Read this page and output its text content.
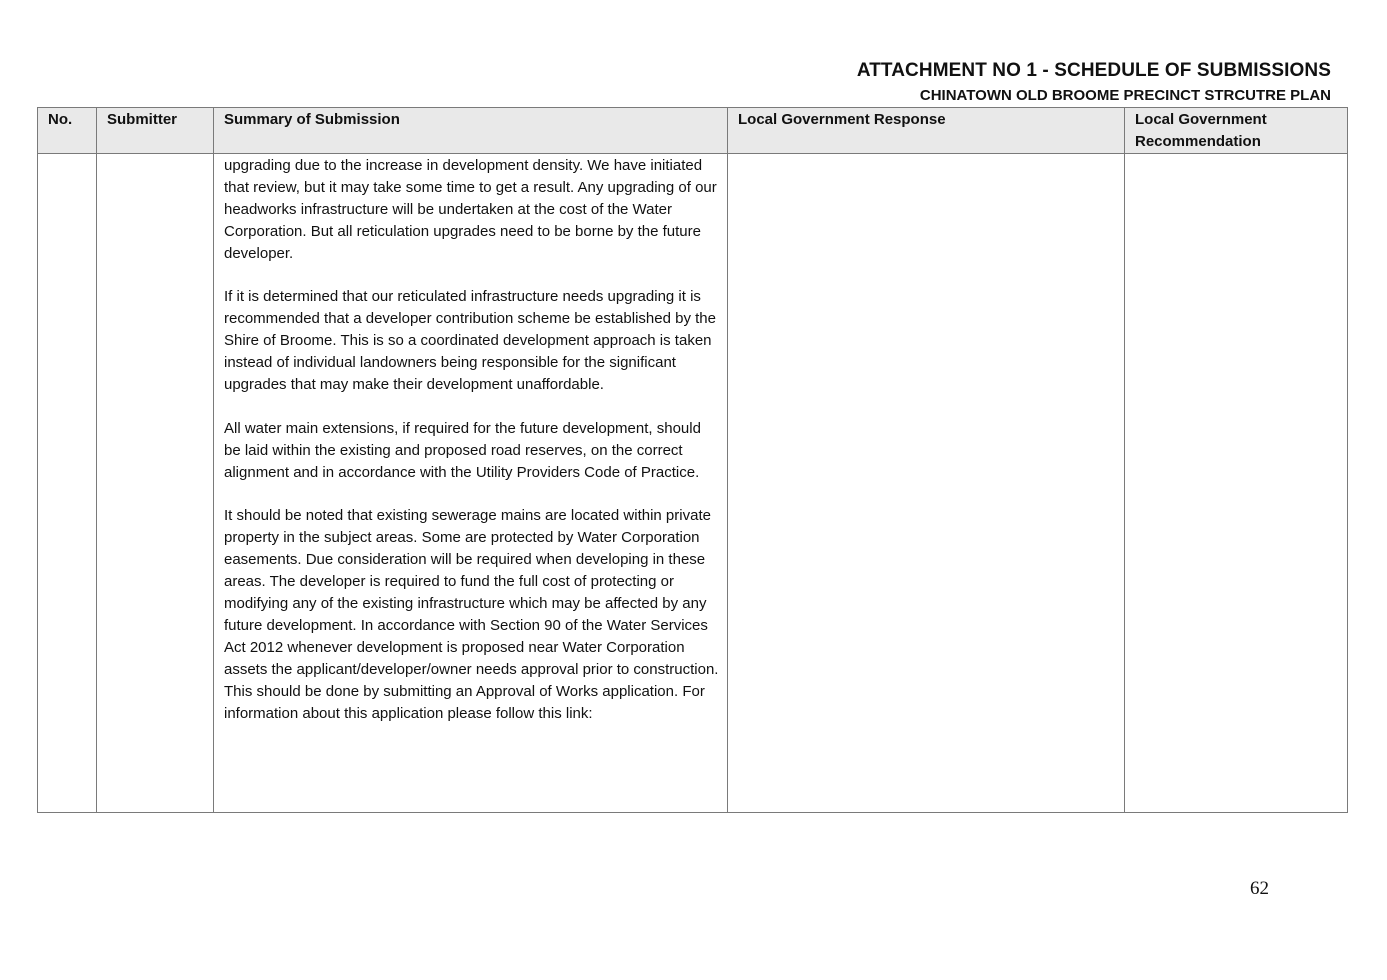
ATTACHMENT NO 1 - SCHEDULE OF SUBMISSIONS
CHINATOWN OLD BROOME PRECINCT STRCUTRE PLAN
No.	Submitter	Summary of Submission	Local Government Response	Local Government Recommendation

		upgrading due to the increase in development density. We have initiated that review, but it may take some time to get a result. Any upgrading of our headworks infrastructure will be undertaken at the cost of the Water Corporation. But all reticulation upgrades need to be borne by the future developer.
If it is determined that our reticulated infrastructure needs upgrading it is recommended that a developer contribution scheme be established by the Shire of Broome. This is so a coordinated development approach is taken instead of individual landowners being responsible for the significant upgrades that may make their development unaffordable.
All water main extensions, if required for the future development, should be laid within the existing and proposed road reserves, on the correct alignment and in accordance with the Utility Providers Code of Practice.
It should be noted that existing sewerage mains are located within private property in the subject areas. Some are protected by Water Corporation easements. Due consideration will be required when developing in these areas. The developer is required to fund the full cost of protecting or modifying any of the existing infrastructure which may be affected by any future development. In accordance with Section 90 of the Water Services Act 2012 whenever development is proposed near Water Corporation assets the applicant/developer/owner needs approval prior to construction. This should be done by submitting an Approval of Works application. For information about this application please follow this link:		

62
